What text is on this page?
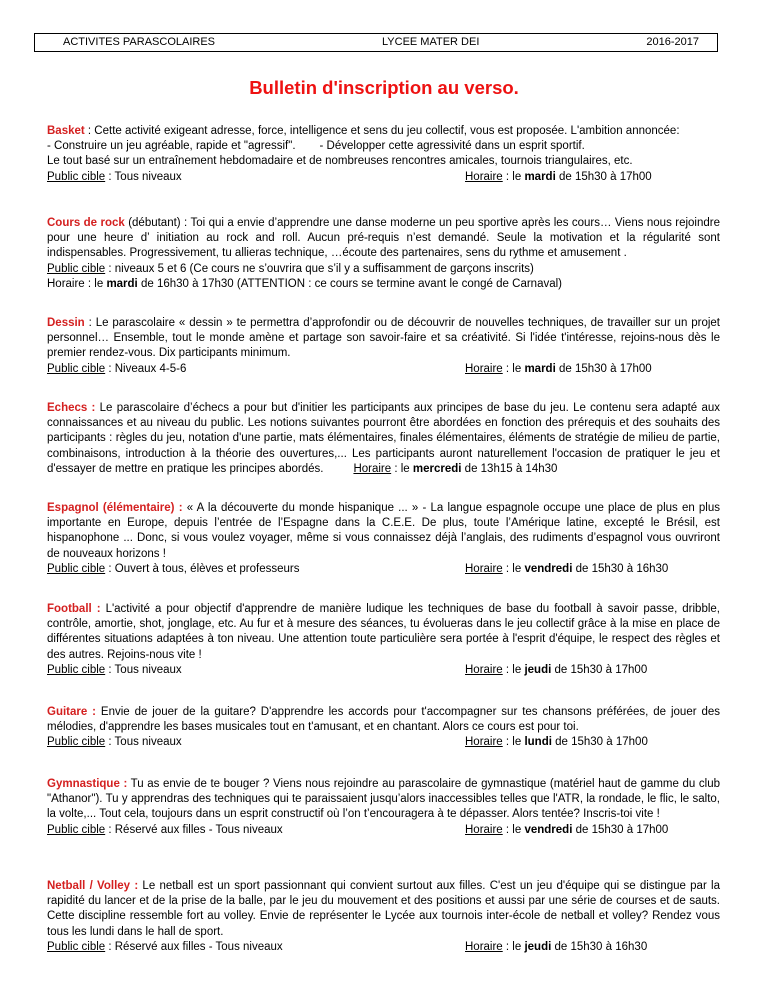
ACTIVITES PARASCOLAIRES	LYCEE MATER DEI	2016-2017
Bulletin d'inscription au verso.
Basket : Cette activité exigeant adresse, force, intelligence et sens du jeu collectif, vous est proposée. L'ambition annoncée:
- Construire un jeu agréable, rapide et "agressif". - Développer cette agressivité dans un esprit sportif.
Le tout basé sur un entraînement hebdomadaire et de nombreuses rencontres amicales, tournois triangulaires, etc.
Public cible : Tous niveaux	Horaire : le mardi de 15h30 à 17h00
Cours de rock (débutant) : Toi qui a envie d’apprendre une danse moderne un peu sportive après les cours… Viens nous rejoindre pour une heure d’ initiation au rock and roll. Aucun pré-requis n’est demandé. Seule la motivation et la régularité sont indispensables. Progressivement, tu allieras technique, …écoute des partenaires, sens du rythme et amusement .
Public cible : niveaux 5 et 6 (Ce cours ne s’ouvrira que s’il y a suffisamment de garçons inscrits)
Horaire : le mardi de 16h30 à 17h30 (ATTENTION : ce cours se termine avant le congé de Carnaval)
Dessin : Le parascolaire « dessin » te permettra d’approfondir ou de découvrir de nouvelles techniques, de travailler sur un projet personnel… Ensemble, tout le monde amène et partage son savoir-faire et sa créativité. Si l'idée t'intéresse, rejoins-nous dès le premier rendez-vous. Dix participants minimum.
Public cible : Niveaux 4-5-6	Horaire : le mardi de 15h30 à 17h00
Echecs : Le parascolaire d’échecs a pour but d'initier les participants aux principes de base du jeu. Le contenu sera adapté aux connaissances et au niveau du public. Les notions suivantes pourront être abordées en fonction des prérequis et des souhaits des participants : règles du jeu, notation d'une partie, mats élémentaires, finales élémentaires, éléments de stratégie de milieu de partie, combinaisons, introduction à la théorie des ouvertures,... Les participants auront naturellement l'occasion de pratiquer le jeu et d'essayer de mettre en pratique les principes abordés.	Horaire : le mercredi de 13h15 à 14h30
Espagnol (élémentaire) : « A la découverte du monde hispanique ... » - La langue espagnole occupe une place de plus en plus importante en Europe, depuis l’entrée de l’Espagne dans la C.E.E. De plus, toute l’Amérique latine, excepté le Brésil, est hispanophone ... Donc, si vous voulez voyager, même si vous connaissez déjà l’anglais, des rudiments d’espagnol vous ouvriront de nouveaux horizons !
Public cible : Ouvert à tous, élèves et professeurs	Horaire : le vendredi de 15h30 à 16h30
Football : L'activité a pour objectif d'apprendre de manière ludique les techniques de base du football à savoir passe, dribble, contrôle, amortie, shot, jonglage, etc. Au fur et à mesure des séances, tu évolueras dans le jeu collectif grâce à la mise en place de différentes situations adaptées à ton niveau. Une attention toute particulière sera portée à l'esprit d'équipe, le respect des règles et des autres. Rejoins-nous vite !
Public cible : Tous niveaux	Horaire : le jeudi de 15h30 à 17h00
Guitare : Envie de jouer de la guitare? D'apprendre les accords pour t'accompagner sur tes chansons préférées, de jouer des mélodies, d'apprendre les bases musicales tout en t'amusant, et en chantant. Alors ce cours est pour toi.
Public cible : Tous niveaux	Horaire : le lundi de 15h30 à 17h00
Gymnastique : Tu as envie de te bouger ? Viens nous rejoindre au parascolaire de gymnastique (matériel haut de gamme du club "Athanor"). Tu y apprendras des techniques qui te paraissaient jusqu’alors inaccessibles telles que l'ATR, la rondade, le flic, le salto, la volte,... Tout cela, toujours dans un esprit constructif où l’on t’encouragera à te dépasser. Alors tentée? Inscris-toi vite !
Public cible : Réservé aux filles - Tous niveaux	Horaire : le vendredi de 15h30 à 17h00
Netball / Volley : Le netball est un sport passionnant qui convient surtout aux filles. C'est un jeu d'équipe qui se distingue par la rapidité du lancer et de la prise de la balle, par le jeu du mouvement et des positions et aussi par une série de courses et de sauts. Cette discipline ressemble fort au volley. Envie de représenter le Lycée aux tournois inter-école de netball et volley? Rendez vous tous les lundi dans le hall de sport.
Public cible : Réservé aux filles - Tous niveaux	Horaire : le jeudi de 15h30 à 16h30
